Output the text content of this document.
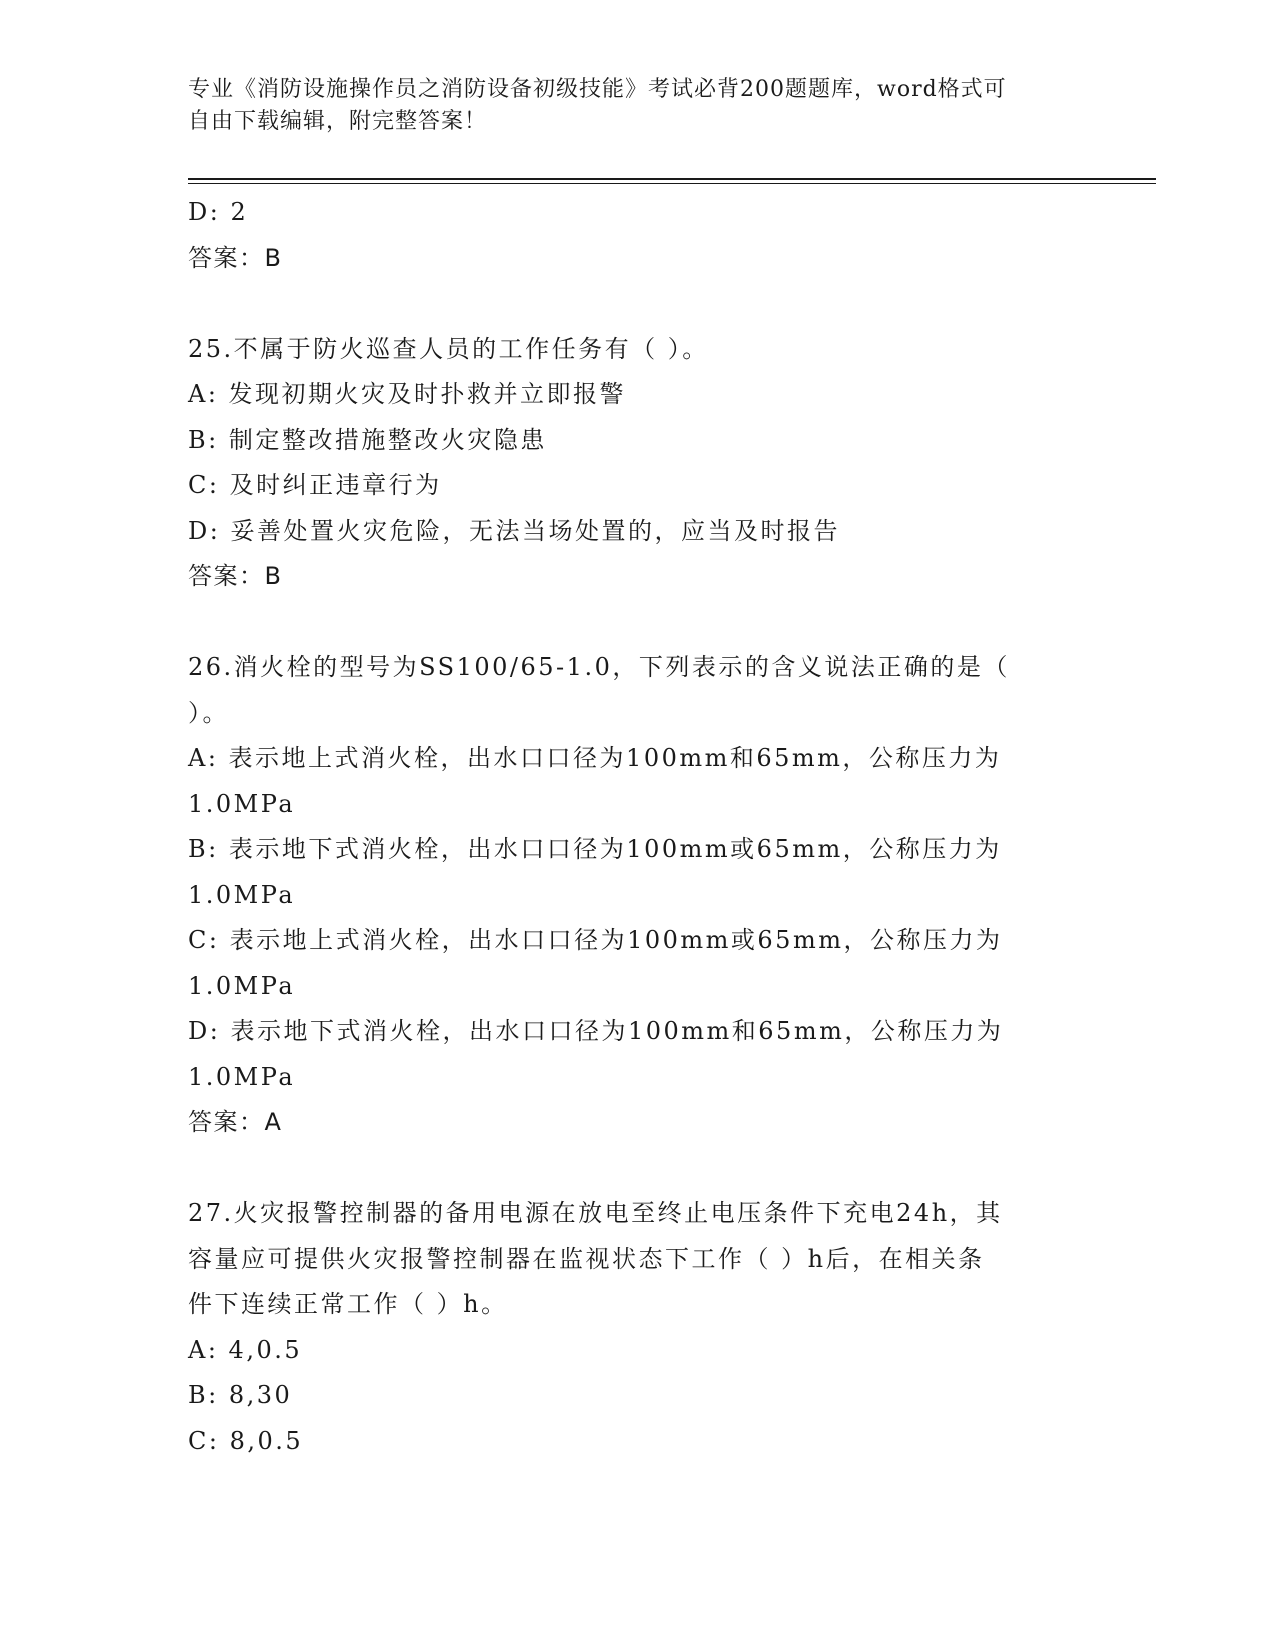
专业《消防设施操作员之消防设备初级技能》考试必背200题题库，word格式可
自由下载编辑，附完整答案！
D: 2
答案：B
25.不属于防火巡查人员的工作任务有（ ）。
A: 发现初期火灾及时扑救并立即报警
B: 制定整改措施整改火灾隐患
C: 及时纠正违章行为
D: 妥善处置火灾危险，无法当场处置的，应当及时报告
答案：B
26.消火栓的型号为SS100/65-1.0，下列表示的含义说法正确的是（
）。
A: 表示地上式消火栓，出水口口径为100mm和65mm，公称压力为
1.0MPa
B: 表示地下式消火栓，出水口口径为100mm或65mm，公称压力为
1.0MPa
C: 表示地上式消火栓，出水口口径为100mm或65mm，公称压力为
1.0MPa
D: 表示地下式消火栓，出水口口径为100mm和65mm，公称压力为
1.0MPa
答案：A
27.火灾报警控制器的备用电源在放电至终止电压条件下充电24h，其
容量应可提供火灾报警控制器在监视状态下工作（ ）h后，在相关条
件下连续正常工作（ ）h。
A: 4,0.5
B: 8,30
C: 8,0.5
